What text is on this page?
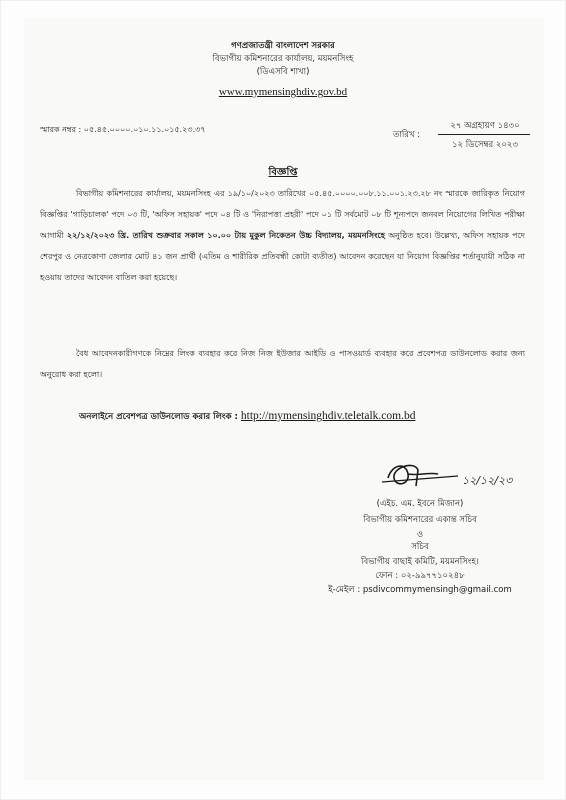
গণপ্রজাতন্ত্রী বাংলাদেশ সরকার
বিভাগীয় কমিশনারের কার্যালয়, ময়মনসিংহ
(ডিএসবি শাখা)
www.mymensinghdiv.gov.bd
স্মারক নম্বর : ০৫.৪৫.০০০০.০১০.১১.০১৫.২৩.৩৭
তারিখ :
২৭ অগ্রহায়ণ ১৪৩০
১২ ডিসেম্বর ২০২৩
বিজ্ঞপ্তি
বিভাগীয় কমিশনারের কার্যালয়, ময়মনসিংহ এর ১৯/১০/২০২৩ তারিখের ০৫.৪৫.০০০০.০০৮.১১.০০১.২৩.২৮ নং স্মারকে জারিকৃত নিয়োগ বিজ্ঞপ্তির 'গাড়িচালক' পদে ০৩ টি, 'অফিস সহায়ক' পদে ০৪ টি ও 'নিরাপত্তা প্রহরী' পদে ০১ টি সর্বমোট ০৮ টি শূন্যপদে জনবল নিয়োগের লিখিত পরীক্ষা আগামী ২২/১২/২০২৩ খ্রি. তারিখ শুক্রবার সকাল ১০.০০ টায় মুকুল নিকেতন উচ্চ বিদ্যালয়, ময়মনসিংহে অনুষ্ঠিত হবে। উল্লেখ্য, অফিস সহায়ক পদে শেরপুর ও নেত্রকোণা জেলার মোট ৪১ জন প্রার্থী (এতিম ও শারীরিক প্রতিবন্ধী কোটা ব্যতীত) আবেদন করেছেন যা নিয়োগ বিজ্ঞপ্তির শর্তানুযায়ী সঠিক না হওয়ায় তাদের আবেদন বাতিল করা হয়েছে।
বৈধ আবেদনকারীগণকে নিম্নের লিংক ব্যবহার করে নিজ নিজ ইউজার আইডি ও পাসওয়ার্ড ব্যবহার করে প্রবেশপত্র ডাউনলোড করার জন্য অনুরোধ করা হলো।
অনলাইনে প্রবেশপত্র ডাউনলোড করার লিংক : http://mymensinghdiv.teletalk.com.bd
১২/১২/২৩
(এইচ. এম. ইবনে মিজান)
বিভাগীয় কমিশনারের একান্ত সচিব
ও
সচিব
বিভাগীয় বাছাই কমিটি, ময়মনসিংহ।
ফোন : ০২-৯৯৭৭১০২৪৮
ই-মেইল : psdivcommymensingh@gmail.com
